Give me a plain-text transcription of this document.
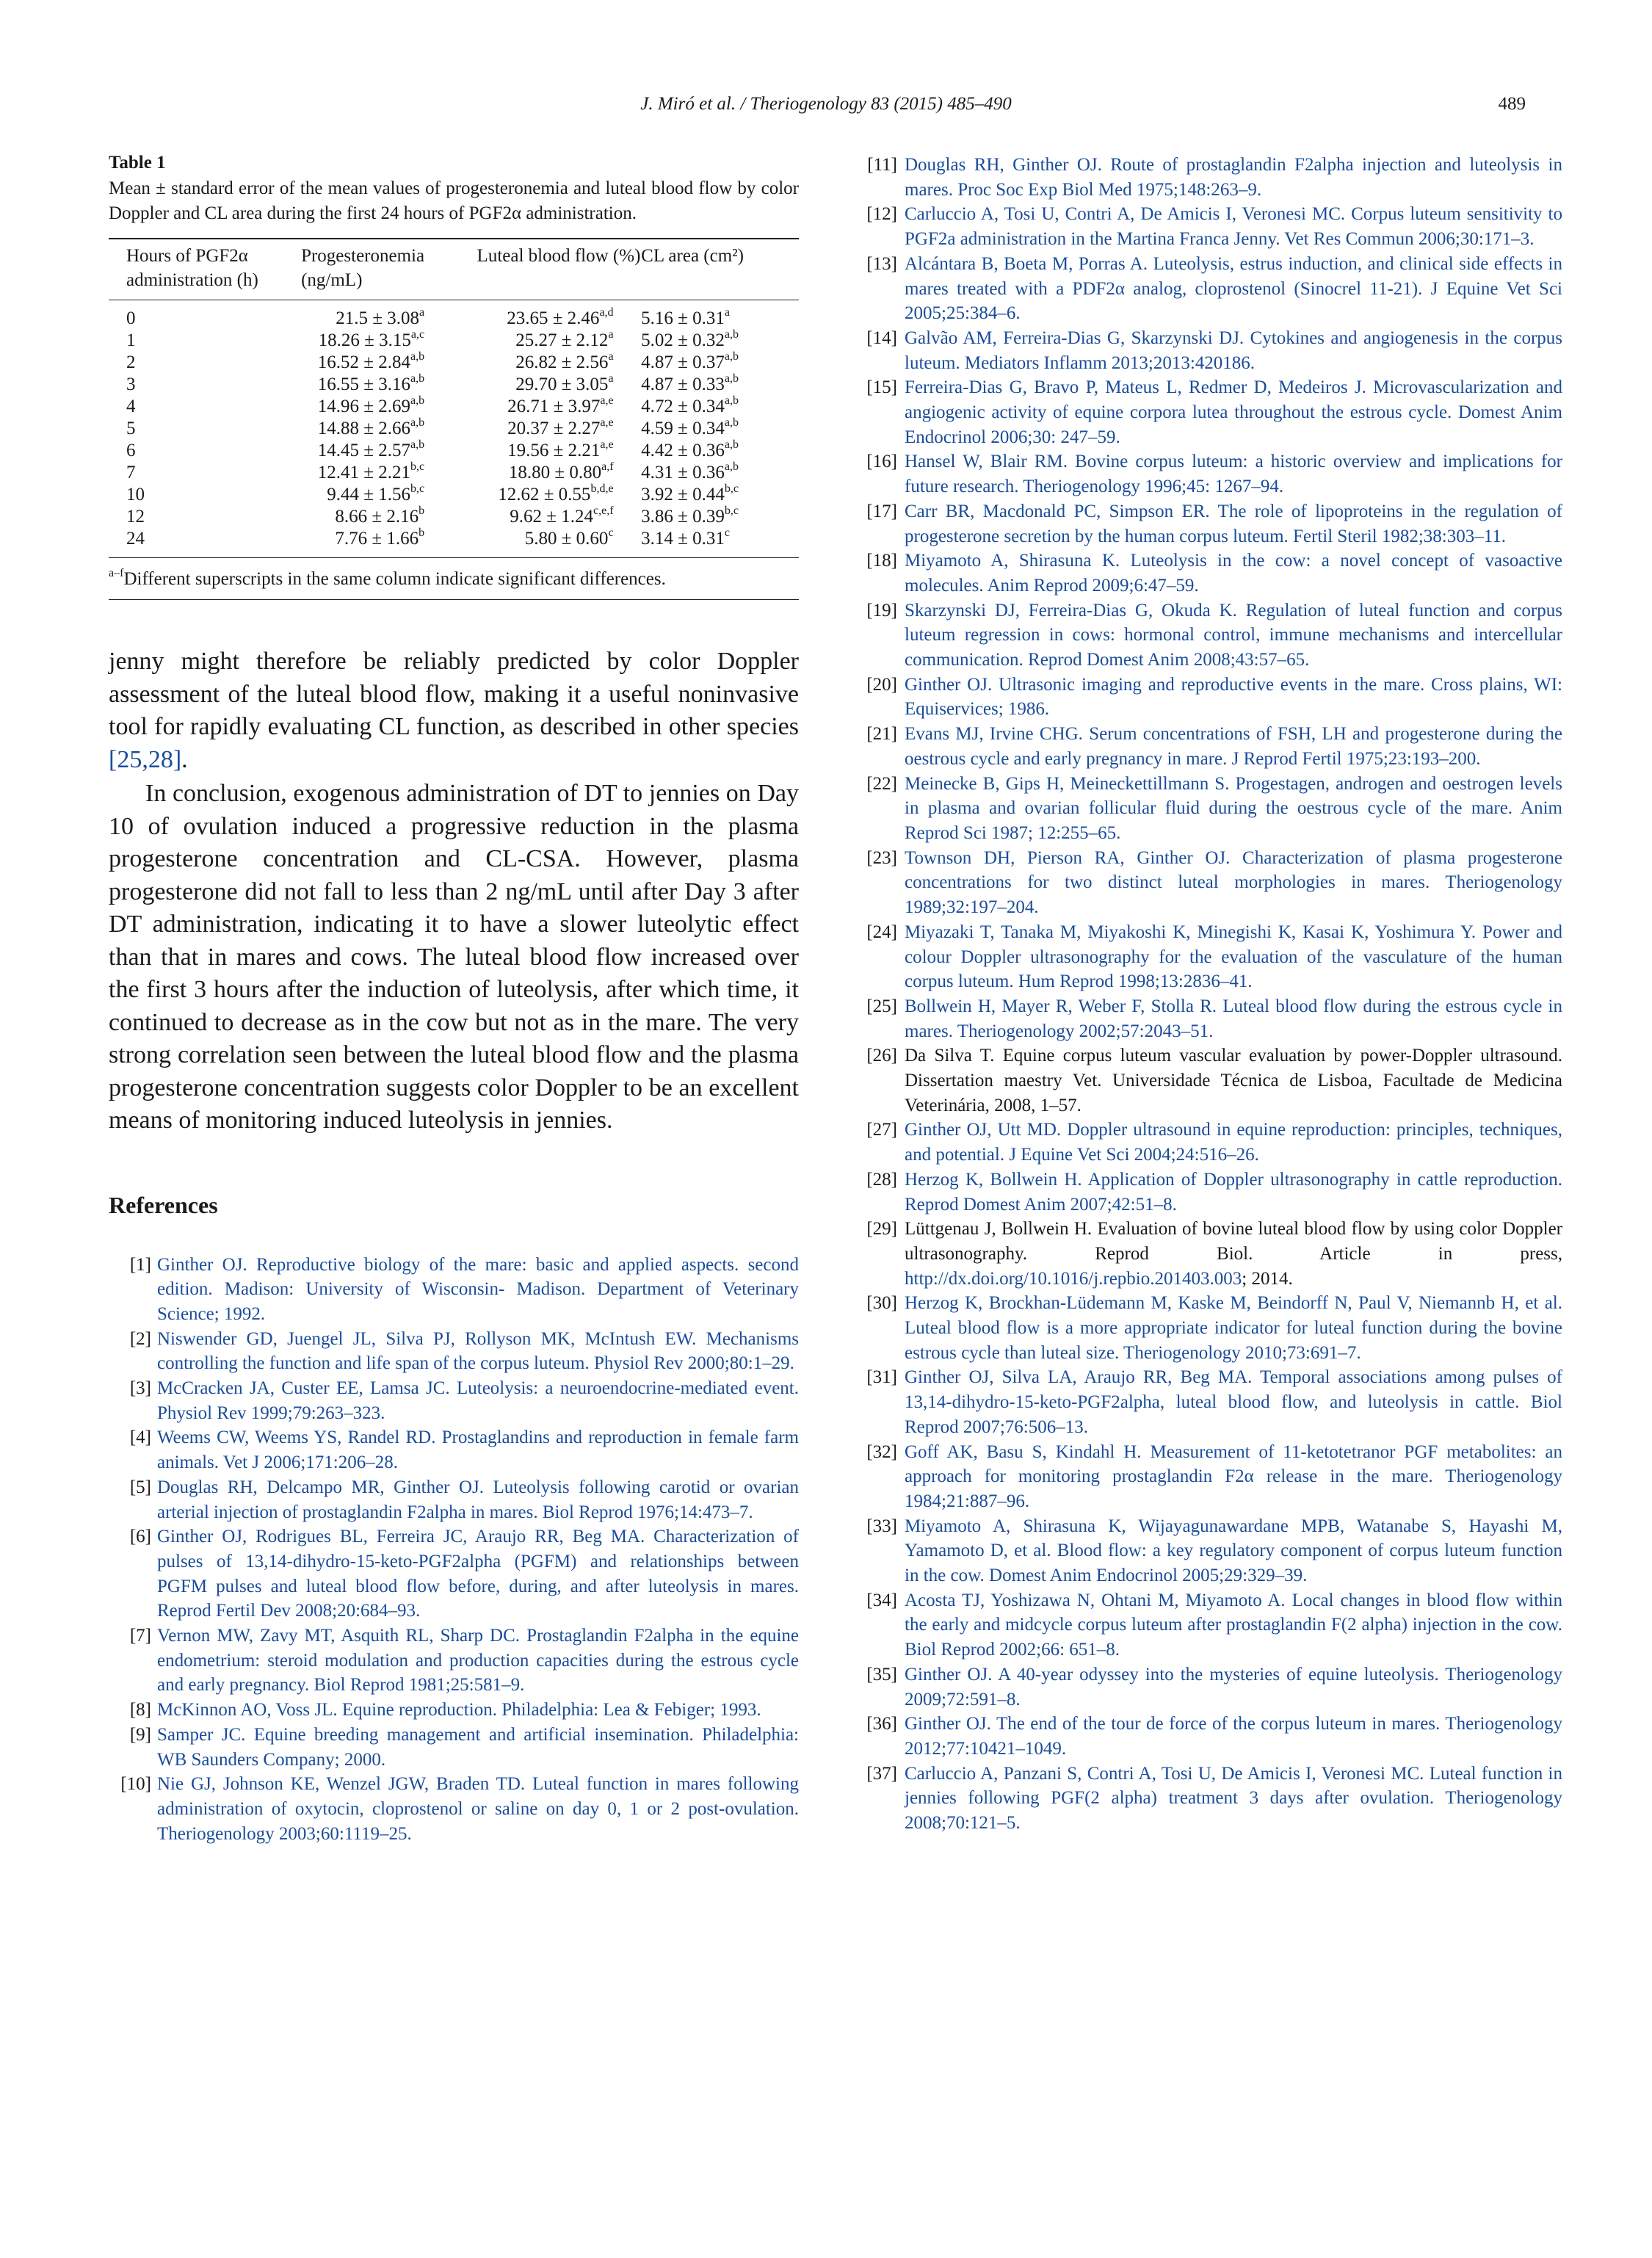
J. Miró et al. / Theriogenology 83 (2015) 485–490	489
Table 1
Mean ± standard error of the mean values of progesteronemia and luteal blood flow by color Doppler and CL area during the first 24 hours of PGF2α administration.
Hours of PGF2α administration (h)	Progesteronemia (ng/mL)	Luteal blood flow (%)	CL area (cm²)

0	21.5 ± 3.08$^a$	$23.65 \pm 2.46^{a,d}$	5.16 ± 0.31$^a$
1	$18.26 \pm 3.15^{a,c}$	25.27 ± 2.12$^a$	$5.02 \pm 0.32^{a,b}$
2	$16.52 \pm 2.84^{a,b}$	26.82 ± 2.56$^a$	$4.87 \pm 0.37^{a,b}$
3	$16.55 \pm 3.16^{a,b}$	29.70 ± 3.05$^a$	$4.87 \pm 0.33^{a,b}$
4	$14.96 \pm 2.69^{a,b}$	$26.71 \pm 3.97^{a,e}$	$4.72 \pm 0.34^{a,b}$
5	$14.88 \pm 2.66^{a,b}$	$20.37 \pm 2.27^{a,e}$	$4.59 \pm 0.34^{a,b}$
6	$14.45 \pm 2.57^{a,b}$	$19.56 \pm 2.21^{a,e}$	$4.42 \pm 0.36^{a,b}$
7	$12.41 \pm 2.21^{b,c}$	$18.80 \pm 0.80^{a,f}$	$4.31 \pm 0.36^{a,b}$
10	$9.44 \pm 1.56^{b,c}$	$12.62 \pm 0.55^{b,d,e}$	$3.92 \pm 0.44^{b,c}$
12	8.66 ± 2.16$^b$	$9.62 \pm 1.24^{c,e,f}$	$3.86 \pm 0.39^{b,c}$
24	7.76 ± 1.66$^b$	5.80 ± 0.60$^c$	3.14 ± 0.31$^c$
$^{a-f}$Different superscripts in the same column indicate significant differences.

jenny might therefore be reliably predicted by color Doppler assessment of the luteal blood flow, making it a useful noninvasive tool for rapidly evaluating CL function, as described in other species [25,28].

In conclusion, exogenous administration of DT to jennies on Day 10 of ovulation induced a progressive reduction in the plasma progesterone concentration and CL-CSA. However, plasma progesterone did not fall to less than 2 ng/mL until after Day 3 after DT administration, indicating it to have a slower luteolytic effect than that in mares and cows. The luteal blood flow increased over the first 3 hours after the induction of luteolysis, after which time, it continued to decrease as in the cow but not as in the mare. The very strong correlation seen between the luteal blood flow and the plasma progesterone concentration suggests color Doppler to be an excellent means of monitoring induced luteolysis in jennies.

References
[1] Ginther OJ. Reproductive biology of the mare: basic and applied aspects. second edition. Madison: University of Wisconsin- Madison. Department of Veterinary Science; 1992.
[2] Niswender GD, Juengel JL, Silva PJ, Rollyson MK, McIntush EW. Mechanisms controlling the function and life span of the corpus luteum. Physiol Rev 2000;80:1–29.
[3] McCracken JA, Custer EE, Lamsa JC. Luteolysis: a neuroendocrine-mediated event. Physiol Rev 1999;79:263–323.
[4] Weems CW, Weems YS, Randel RD. Prostaglandins and reproduction in female farm animals. Vet J 2006;171:206–28.
[5] Douglas RH, Delcampo MR, Ginther OJ. Luteolysis following carotid or ovarian arterial injection of prostaglandin F2alpha in mares. Biol Reprod 1976;14:473–7.
[6] Ginther OJ, Rodrigues BL, Ferreira JC, Araujo RR, Beg MA. Characterization of pulses of 13,14-dihydro-15-keto-PGF2alpha (PGFM) and relationships between PGFM pulses and luteal blood flow before, during, and after luteolysis in mares. Reprod Fertil Dev 2008;20:684–93.
[7] Vernon MW, Zavy MT, Asquith RL, Sharp DC. Prostaglandin F2alpha in the equine endometrium: steroid modulation and production capacities during the estrous cycle and early pregnancy. Biol Reprod 1981;25:581–9.
[8] McKinnon AO, Voss JL. Equine reproduction. Philadelphia: Lea & Febiger; 1993.
[9] Samper JC. Equine breeding management and artificial insemination. Philadelphia: WB Saunders Company; 2000.
[10] Nie GJ, Johnson KE, Wenzel JGW, Braden TD. Luteal function in mares following administration of oxytocin, cloprostenol or saline on day 0, 1 or 2 post-ovulation. Theriogenology 2003;60:1119–25.
[11] Douglas RH, Ginther OJ. Route of prostaglandin F2alpha injection and luteolysis in mares. Proc Soc Exp Biol Med 1975;148:263–9.
[12] Carluccio A, Tosi U, Contri A, De Amicis I, Veronesi MC. Corpus luteum sensitivity to PGF2a administration in the Martina Franca Jenny. Vet Res Commun 2006;30:171–3.
[13] Alcántara B, Boeta M, Porras A. Luteolysis, estrus induction, and clinical side effects in mares treated with a PDF2α analog, cloprostenol (Sinocrel 11-21). J Equine Vet Sci 2005;25:384–6.
[14] Galvão AM, Ferreira-Dias G, Skarzynski DJ. Cytokines and angiogenesis in the corpus luteum. Mediators Inflamm 2013;2013:420186.
[15] Ferreira-Dias G, Bravo P, Mateus L, Redmer D, Medeiros J. Microvascularization and angiogenic activity of equine corpora lutea throughout the estrous cycle. Domest Anim Endocrinol 2006;30: 247–59.
[16] Hansel W, Blair RM. Bovine corpus luteum: a historic overview and implications for future research. Theriogenology 1996;45: 1267–94.
[17] Carr BR, Macdonald PC, Simpson ER. The role of lipoproteins in the regulation of progesterone secretion by the human corpus luteum. Fertil Steril 1982;38:303–11.
[18] Miyamoto A, Shirasuna K. Luteolysis in the cow: a novel concept of vasoactive molecules. Anim Reprod 2009;6:47–59.
[19] Skarzynski DJ, Ferreira-Dias G, Okuda K. Regulation of luteal function and corpus luteum regression in cows: hormonal control, immune mechanisms and intercellular communication. Reprod Domest Anim 2008;43:57–65.
[20] Ginther OJ. Ultrasonic imaging and reproductive events in the mare. Cross plains, WI: Equiservices; 1986.
[21] Evans MJ, Irvine CHG. Serum concentrations of FSH, LH and progesterone during the oestrous cycle and early pregnancy in mare. J Reprod Fertil 1975;23:193–200.
[22] Meinecke B, Gips H, Meineckettillmann S. Progestagen, androgen and oestrogen levels in plasma and ovarian follicular fluid during the oestrous cycle of the mare. Anim Reprod Sci 1987; 12:255–65.
[23] Townson DH, Pierson RA, Ginther OJ. Characterization of plasma progesterone concentrations for two distinct luteal morphologies in mares. Theriogenology 1989;32:197–204.
[24] Miyazaki T, Tanaka M, Miyakoshi K, Minegishi K, Kasai K, Yoshimura Y. Power and colour Doppler ultrasonography for the evaluation of the vasculature of the human corpus luteum. Hum Reprod 1998;13:2836–41.
[25] Bollwein H, Mayer R, Weber F, Stolla R. Luteal blood flow during the estrous cycle in mares. Theriogenology 2002;57:2043–51.
[26] Da Silva T. Equine corpus luteum vascular evaluation by power-Doppler ultrasound. Dissertation maestry Vet. Universidade Técnica de Lisboa, Facultade de Medicina Veterinária, 2008, 1–57.
[27] Ginther OJ, Utt MD. Doppler ultrasound in equine reproduction: principles, techniques, and potential. J Equine Vet Sci 2004;24:516–26.
[28] Herzog K, Bollwein H. Application of Doppler ultrasonography in cattle reproduction. Reprod Domest Anim 2007;42:51–8.
[29] Lüttgenau J, Bollwein H. Evaluation of bovine luteal blood flow by using color Doppler ultrasonography. Reprod Biol. Article in press, http://dx.doi.org/10.1016/j.repbio.201403.003; 2014.
[30] Herzog K, Brockhan-Lüdemann M, Kaske M, Beindorff N, Paul V, Niemannb H, et al. Luteal blood flow is a more appropriate indicator for luteal function during the bovine estrous cycle than luteal size. Theriogenology 2010;73:691–7.
[31] Ginther OJ, Silva LA, Araujo RR, Beg MA. Temporal associations among pulses of 13,14-dihydro-15-keto-PGF2alpha, luteal blood flow, and luteolysis in cattle. Biol Reprod 2007;76:506–13.
[32] Goff AK, Basu S, Kindahl H. Measurement of 11-ketotetranor PGF metabolites: an approach for monitoring prostaglandin F2α release in the mare. Theriogenology 1984;21:887–96.
[33] Miyamoto A, Shirasuna K, Wijayagunawardane MPB, Watanabe S, Hayashi M, Yamamoto D, et al. Blood flow: a key regulatory component of corpus luteum function in the cow. Domest Anim Endocrinol 2005;29:329–39.
[34] Acosta TJ, Yoshizawa N, Ohtani M, Miyamoto A. Local changes in blood flow within the early and midcycle corpus luteum after prostaglandin F(2 alpha) injection in the cow. Biol Reprod 2002;66: 651–8.
[35] Ginther OJ. A 40-year odyssey into the mysteries of equine luteolysis. Theriogenology 2009;72:591–8.
[36] Ginther OJ. The end of the tour de force of the corpus luteum in mares. Theriogenology 2012;77:10421–1049.
[37] Carluccio A, Panzani S, Contri A, Tosi U, De Amicis I, Veronesi MC. Luteal function in jennies following PGF(2 alpha) treatment 3 days after ovulation. Theriogenology 2008;70:121–5.
